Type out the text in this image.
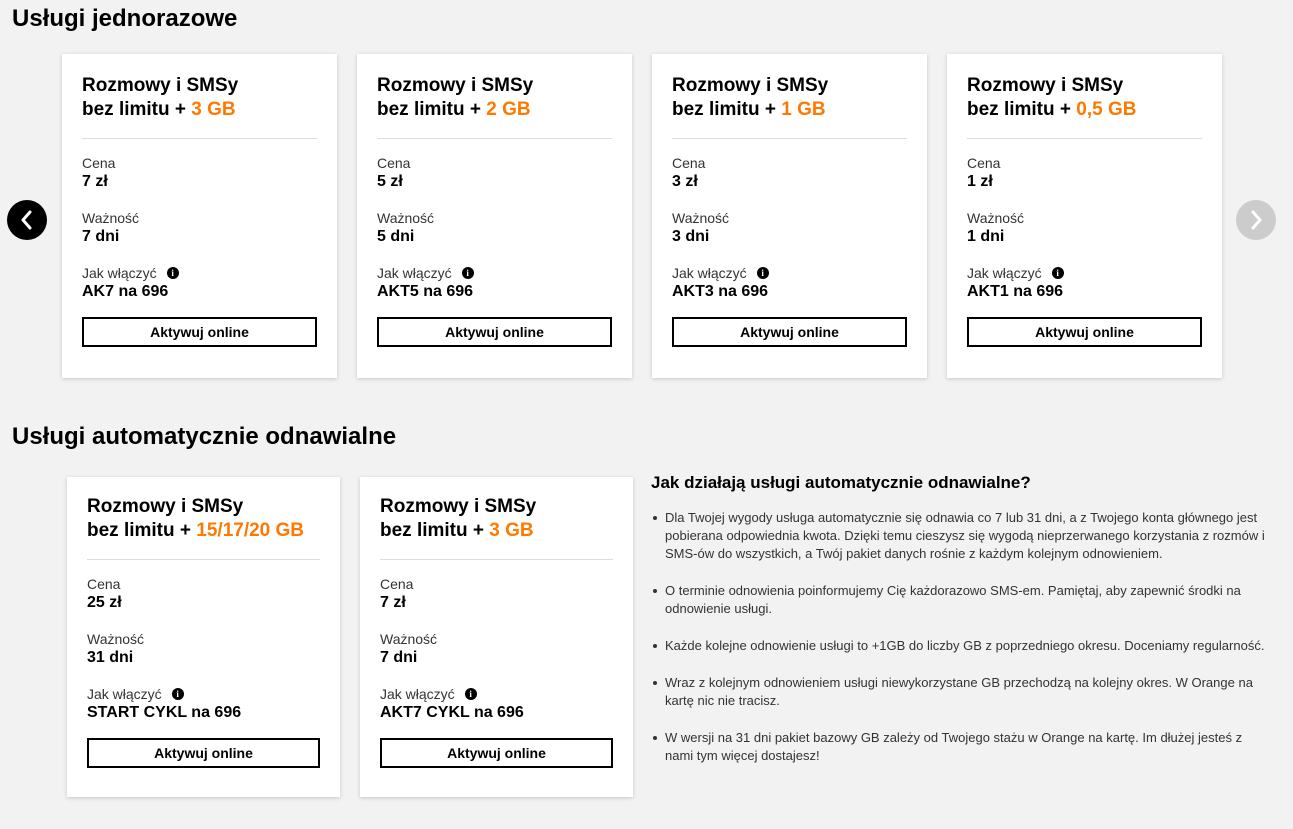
Usługi jednorazowe
Rozmowy i SMSy
bez limitu + 3 GB
Cena
7 zł
Ważność
7 dni
Jak włączyć	i
AK7 na 696
Aktywuj online
Rozmowy i SMSy
bez limitu + 2 GB
Cena
5 zł
Ważność
5 dni
Jak włączyć	i
AKT5 na 696
Aktywuj online
Rozmowy i SMSy
bez limitu + 1 GB
Cena
3 zł
Ważność
3 dni
Jak włączyć	i
AKT3 na 696
Aktywuj online
Rozmowy i SMSy
bez limitu + 0,5 GB
Cena
1 zł
Ważność
1 dni
Jak włączyć	i
AKT1 na 696
Aktywuj online
Usługi automatycznie odnawialne
Rozmowy i SMSy
bez limitu + 15/17/20 GB
Cena
25 zł
Ważność
31 dni
Jak włączyć	i
START CYKL na 696
Aktywuj online
Rozmowy i SMSy
bez limitu + 3 GB
Cena
7 zł
Ważność
7 dni
Jak włączyć	i
AKT7 CYKL na 696
Aktywuj online
Jak działają usługi automatycznie odnawialne?
Dla Twojej wygody usługa automatycznie się odnawia co 7 lub 31 dni, a z Twojego konta głównego jest pobierana odpowiednia kwota. Dzięki temu cieszysz się wygodą nieprzerwanego korzystania z rozmów i SMS-ów do wszystkich, a Twój pakiet danych rośnie z każdym kolejnym odnowieniem.
O terminie odnowienia poinformujemy Cię każdorazowo SMS-em. Pamiętaj, aby zapewnić środki na odnowienie usługi.
Każde kolejne odnowienie usługi to +1GB do liczby GB z poprzedniego okresu. Doceniamy regularność.
Wraz z kolejnym odnowieniem usługi niewykorzystane GB przechodzą na kolejny okres. W Orange na kartę nic nie tracisz.
W wersji na 31 dni pakiet bazowy GB zależy od Twojego stażu w Orange na kartę. Im dłużej jesteś z nami tym więcej dostajesz!
